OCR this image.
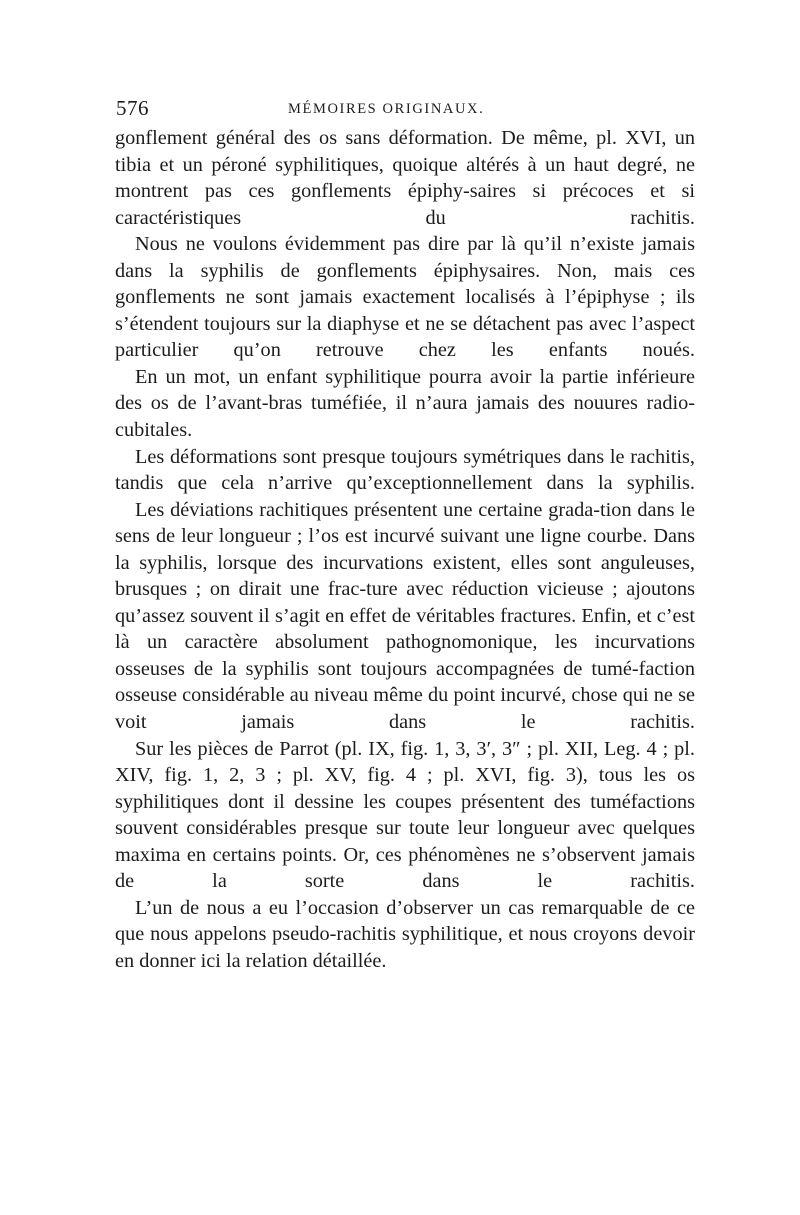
576	MÉMOIRES ORIGINAUX.

gonflement général des os sans déformation. De même, pl. XVI, un tibia et un péroné syphilitiques, quoique altérés à un haut degré, ne montrent pas ces gonflements épiphy-saires si précoces et si caractéristiques du rachitis.

Nous ne voulons évidemment pas dire par là qu’il n’existe jamais dans la syphilis de gonflements épiphysaires. Non, mais ces gonflements ne sont jamais exactement localisés à l’épiphyse ; ils s’étendent toujours sur la diaphyse et ne se détachent pas avec l’aspect particulier qu’on retrouve chez les enfants noués.

En un mot, un enfant syphilitique pourra avoir la partie inférieure des os de l’avant-bras tuméfiée, il n’aura jamais des nouures radio-cubitales.

Les déformations sont presque toujours symétriques dans le rachitis, tandis que cela n’arrive qu’exceptionnellement dans la syphilis.

Les déviations rachitiques présentent une certaine grada-tion dans le sens de leur longueur ; l’os est incurvé suivant une ligne courbe. Dans la syphilis, lorsque des incurvations existent, elles sont anguleuses, brusques ; on dirait une frac-ture avec réduction vicieuse ; ajoutons qu’assez souvent il s’agit en effet de véritables fractures. Enfin, et c’est là un caractère absolument pathognomonique, les incurvations osseuses de la syphilis sont toujours accompagnées de tumé-faction osseuse considérable au niveau même du point incurvé, chose qui ne se voit jamais dans le rachitis.

Sur les pièces de Parrot (pl. IX, fig. 1, 3, 3′, 3″ ; pl. XII, Leg. 4 ; pl. XIV, fig. 1, 2, 3 ; pl. XV, fig. 4 ; pl. XVI, fig. 3), tous les os syphilitiques dont il dessine les coupes présentent des tuméfactions souvent considérables presque sur toute leur longueur avec quelques maxima en certains points. Or, ces phénomènes ne s’observent jamais de la sorte dans le rachitis.

L’un de nous a eu l’occasion d’observer un cas remarquable de ce que nous appelons pseudo-rachitis syphilitique, et nous croyons devoir en donner ici la relation détaillée.
